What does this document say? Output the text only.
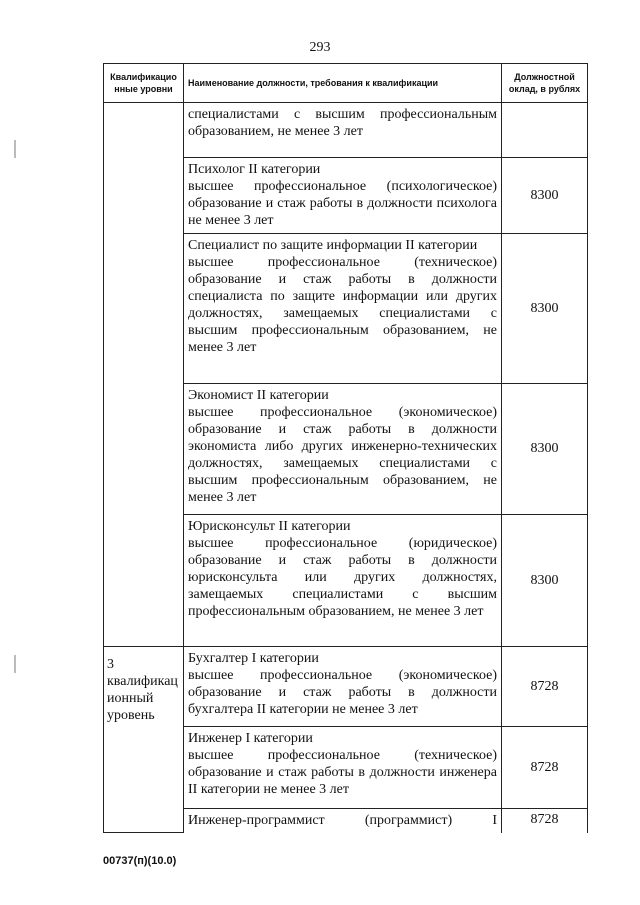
293
Квалификацио нные уровни	Наименование должности, требования к квалификации	Должностной оклад, в рублях

	специалистами с высшим профессиональным образованием, не менее 3 лет	

	Психолог II категории
высшее профессиональное (психологическое) образование и стаж работы в должности психолога не менее 3 лет	8300

	Специалист по защите информации II категории
высшее профессиональное (техническое) образование и стаж работы в должности специалиста по защите информации или других должностях, замещаемых специалистами с высшим профессиональным образованием, не менее 3 лет	8300

	Экономист II категории
высшее профессиональное (экономическое) образование и стаж работы в должности экономиста либо других инженерно-технических должностях, замещаемых специалистами с высшим профессиональным образованием, не менее 3 лет	8300

	Юрисконсульт II категории
высшее профессиональное (юридическое) образование и стаж работы в должности юрисконсульта или других должностях, замещаемых специалистами с высшим профессиональным образованием, не менее 3 лет	8300
3 квалификац ионный уровень	Бухгалтер I категории
высшее профессиональное (экономическое) образование и стаж работы в должности бухгалтера II категории не менее 3 лет	8728

	Инженер I категории
высшее профессиональное (техническое) образование и стаж работы в должности инженера II категории не менее 3 лет	8728
	Инженер-программист (программист) I	8728
00737(п)(10.0)
